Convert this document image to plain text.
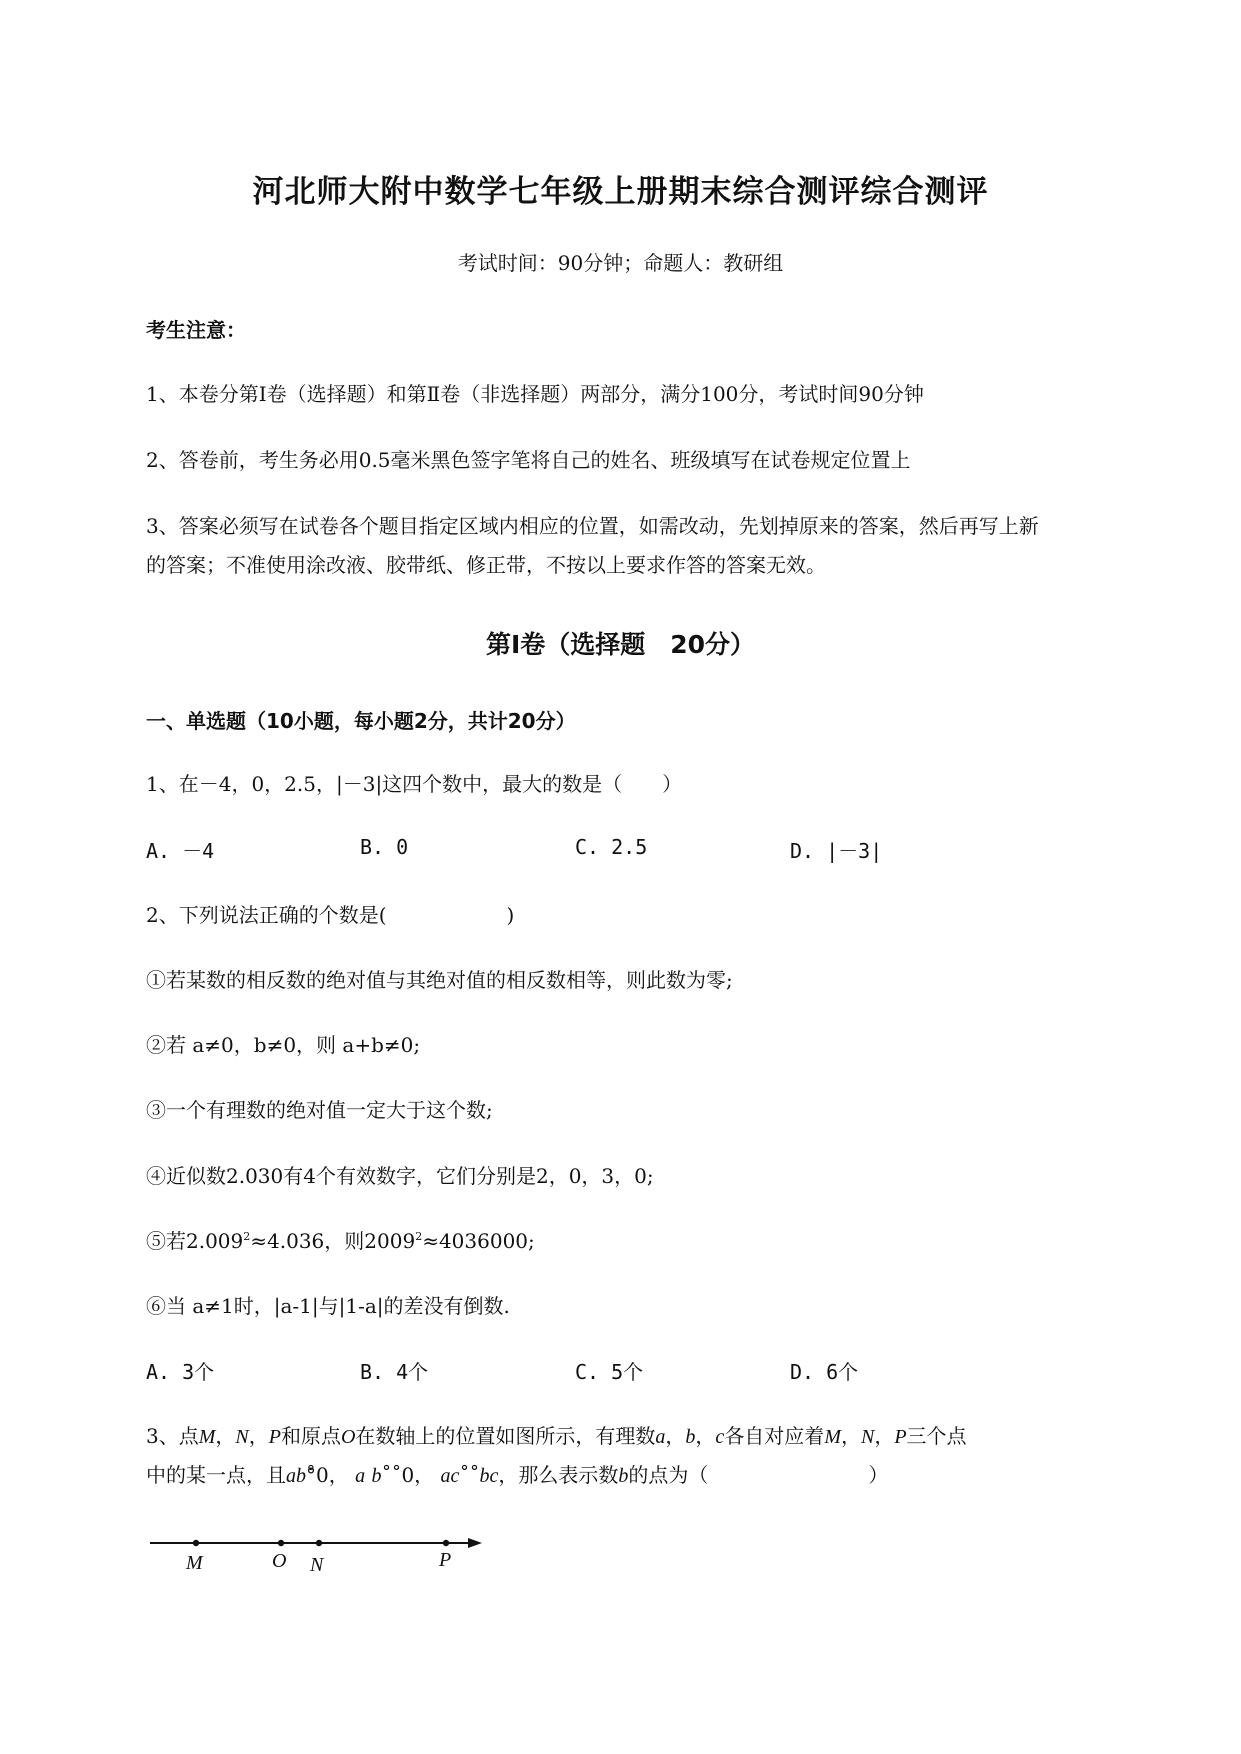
河北师大附中数学七年级上册期末综合测评综合测评
考试时间：90分钟；命题人：教研组
考生注意：
1、本卷分第Ⅰ卷（选择题）和第Ⅱ卷（非选择题）两部分，满分100分，考试时间90分钟
2、答卷前，考生务必用0.5毫米黑色签字笔将自己的姓名、班级填写在试卷规定位置上
3、答案必须写在试卷各个题目指定区域内相应的位置，如需改动，先划掉原来的答案，然后再写上新
的答案；不准使用涂改液、胶带纸、修正带，不按以上要求作答的答案无效。
第Ⅰ卷（选择题　20分）
一、单选题（10小题，每小题2分，共计20分）
1、在－4，0，2.5，|－3|这四个数中，最大的数是（　　）
A. －4	B. 0	C. 2.5	D. |－3|
2、下列说法正确的个数是(　　　　　　)
①若某数的相反数的绝对值与其绝对值的相反数相等，则此数为零;
②若 a≠0，b≠0，则 a+b≠0;
③一个有理数的绝对值一定大于这个数;
④近似数2.030有4个有效数字，它们分别是2，0，3，0;
⑤若$2.009^2\approx 4.036$，则$2009^2\approx 4036000$;
⑥当 a≠1时，|a-1|与|1-a|的差没有倒数.
A. 3个	B. 4个	C. 5个	D. 6个
3、点M，N，P和原点O在数轴上的位置如图所示，有理数a，b，c各自对应着M，N，P三个点
中的某一点，且ab°̊0， a b˚˚0， ac˚˚bc，那么表示数b的点为（　　　　　　　　）
M	O N	P
